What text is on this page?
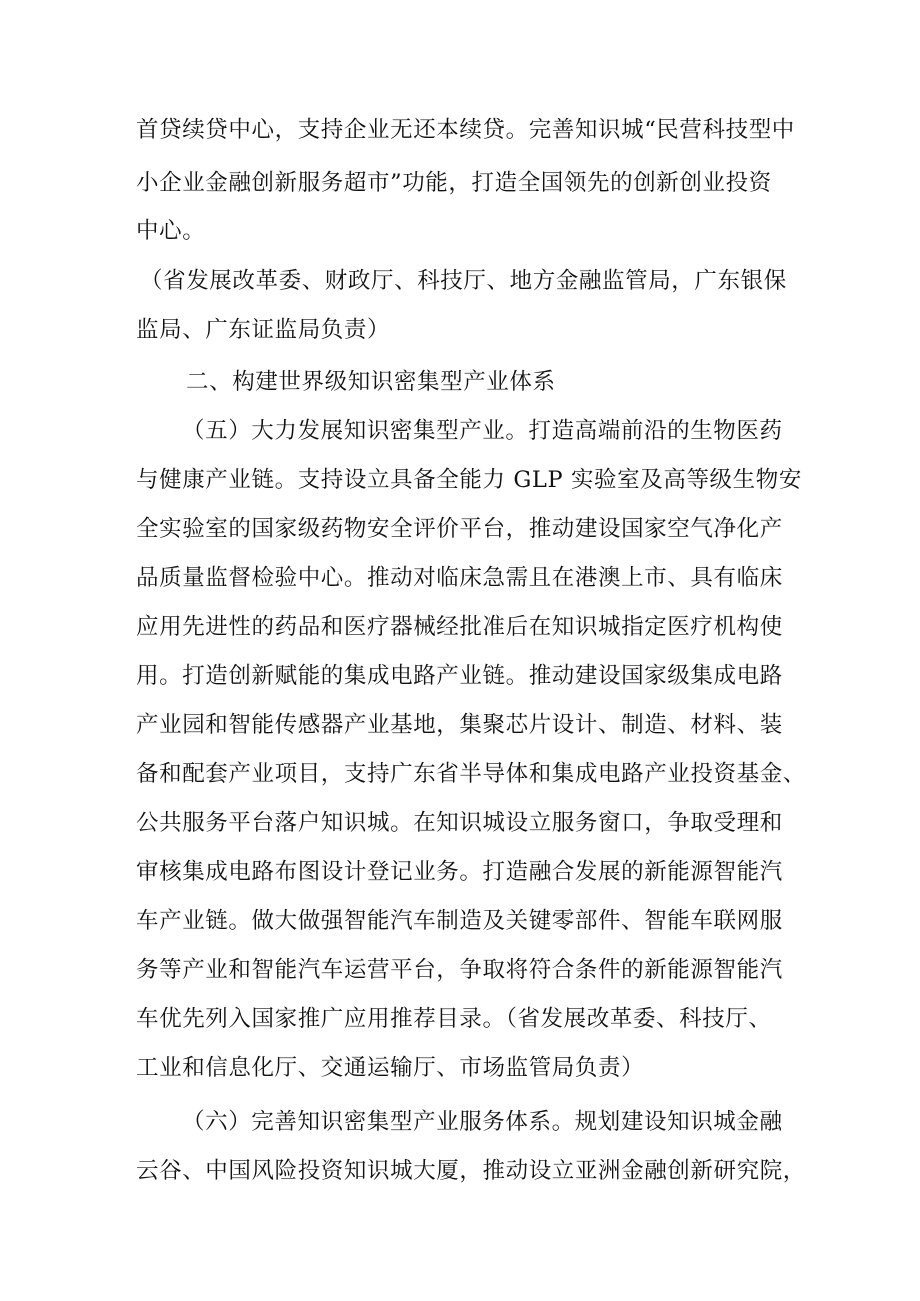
首贷续贷中心，支持企业无还本续贷。完善知识城“民营科技型中
小企业金融创新服务超市”功能，打造全国领先的创新创业投资
中心。
（省发展改革委、财政厅、科技厅、地方金融监管局，广东银保
监局、广东证监局负责）
二、构建世界级知识密集型产业体系
（五）大力发展知识密集型产业。打造高端前沿的生物医药
与健康产业链。支持设立具备全能力 GLP 实验室及高等级生物安
全实验室的国家级药物安全评价平台，推动建设国家空气净化产
品质量监督检验中心。推动对临床急需且在港澳上市、具有临床
应用先进性的药品和医疗器械经批准后在知识城指定医疗机构使
用。打造创新赋能的集成电路产业链。推动建设国家级集成电路
产业园和智能传感器产业基地，集聚芯片设计、制造、材料、装
备和配套产业项目，支持广东省半导体和集成电路产业投资基金、
公共服务平台落户知识城。在知识城设立服务窗口，争取受理和
审核集成电路布图设计登记业务。打造融合发展的新能源智能汽
车产业链。做大做强智能汽车制造及关键零部件、智能车联网服
务等产业和智能汽车运营平台，争取将符合条件的新能源智能汽
车优先列入国家推广应用推荐目录。（省发展改革委、科技厅、
工业和信息化厅、交通运输厅、市场监管局负责）
（六）完善知识密集型产业服务体系。规划建设知识城金融
云谷、中国风险投资知识城大厦，推动设立亚洲金融创新研究院，
